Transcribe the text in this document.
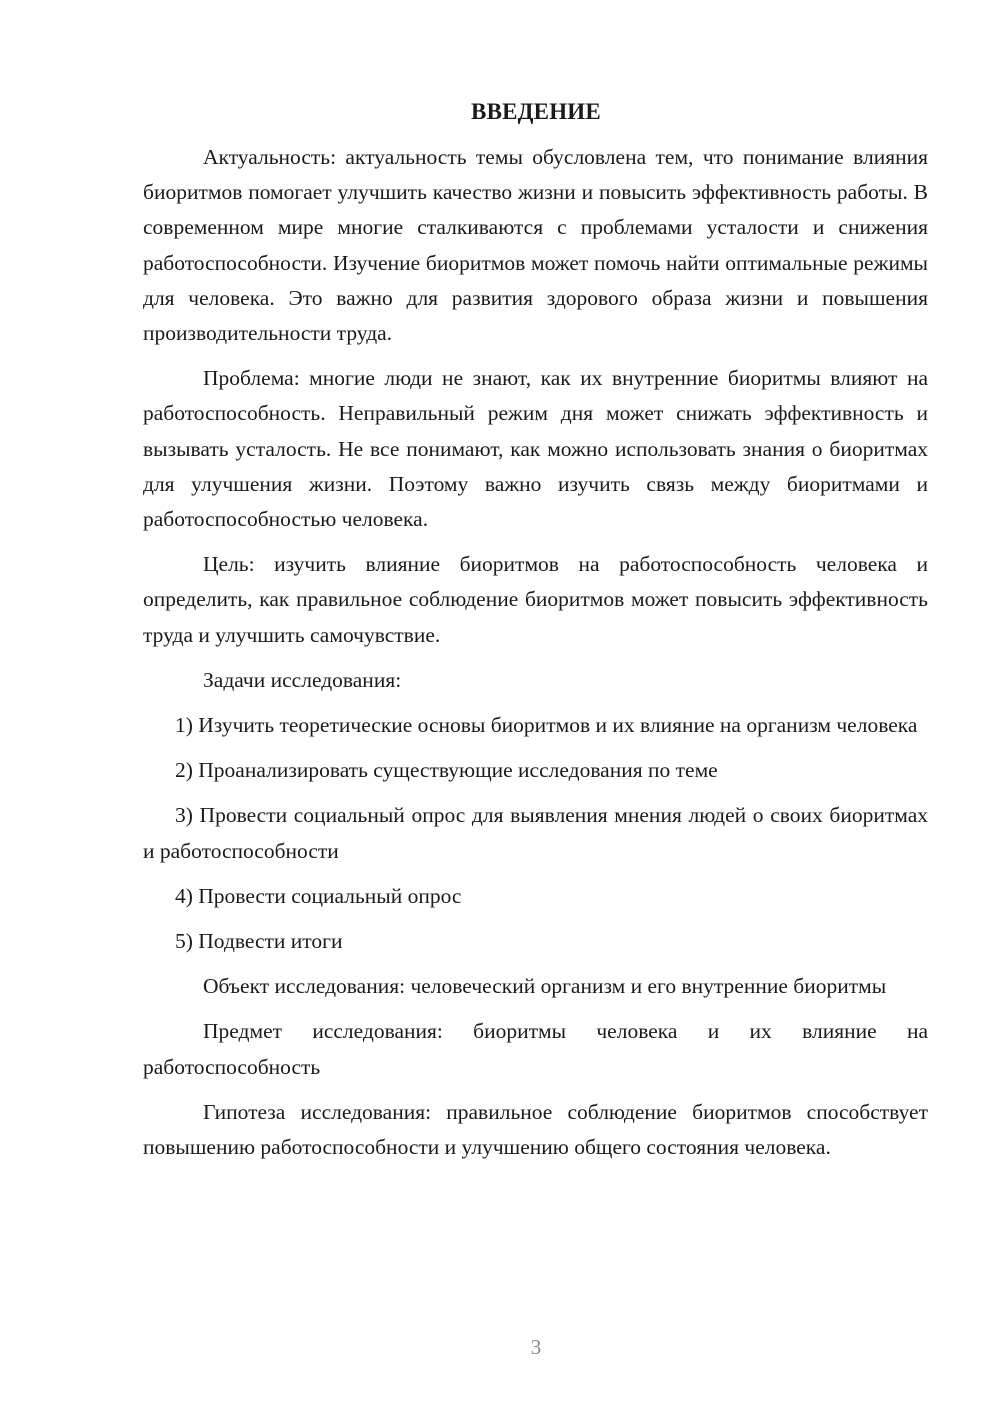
ВВЕДЕНИЕ

Актуальность: актуальность темы обусловлена тем, что понимание влияния биоритмов помогает улучшить качество жизни и повысить эффективность работы. В современном мире многие сталкиваются с проблемами усталости и снижения работоспособности. Изучение биоритмов может помочь найти оптимальные режимы для человека. Это важно для развития здорового образа жизни и повышения производительности труда.

Проблема: многие люди не знают, как их внутренние биоритмы влияют на работоспособность. Неправильный режим дня может снижать эффективность и вызывать усталость. Не все понимают, как можно использовать знания о биоритмах для улучшения жизни. Поэтому важно изучить связь между биоритмами и работоспособностью человека.

Цель: изучить влияние биоритмов на работоспособность человека и определить, как правильное соблюдение биоритмов может повысить эффективность труда и улучшить самочувствие.

Задачи исследования:

1) Изучить теоретические основы биоритмов и их влияние на организм человека

2) Проанализировать существующие исследования по теме

3) Провести социальный опрос для выявления мнения людей о своих биоритмах и работоспособности

4) Провести социальный опрос

5) Подвести итоги

Объект исследования: человеческий организм и его внутренние биоритмы

Предмет исследования: биоритмы человека и их влияние на работоспособность

Гипотеза исследования: правильное соблюдение биоритмов способствует повышению работоспособности и улучшению общего состояния человека.

3
